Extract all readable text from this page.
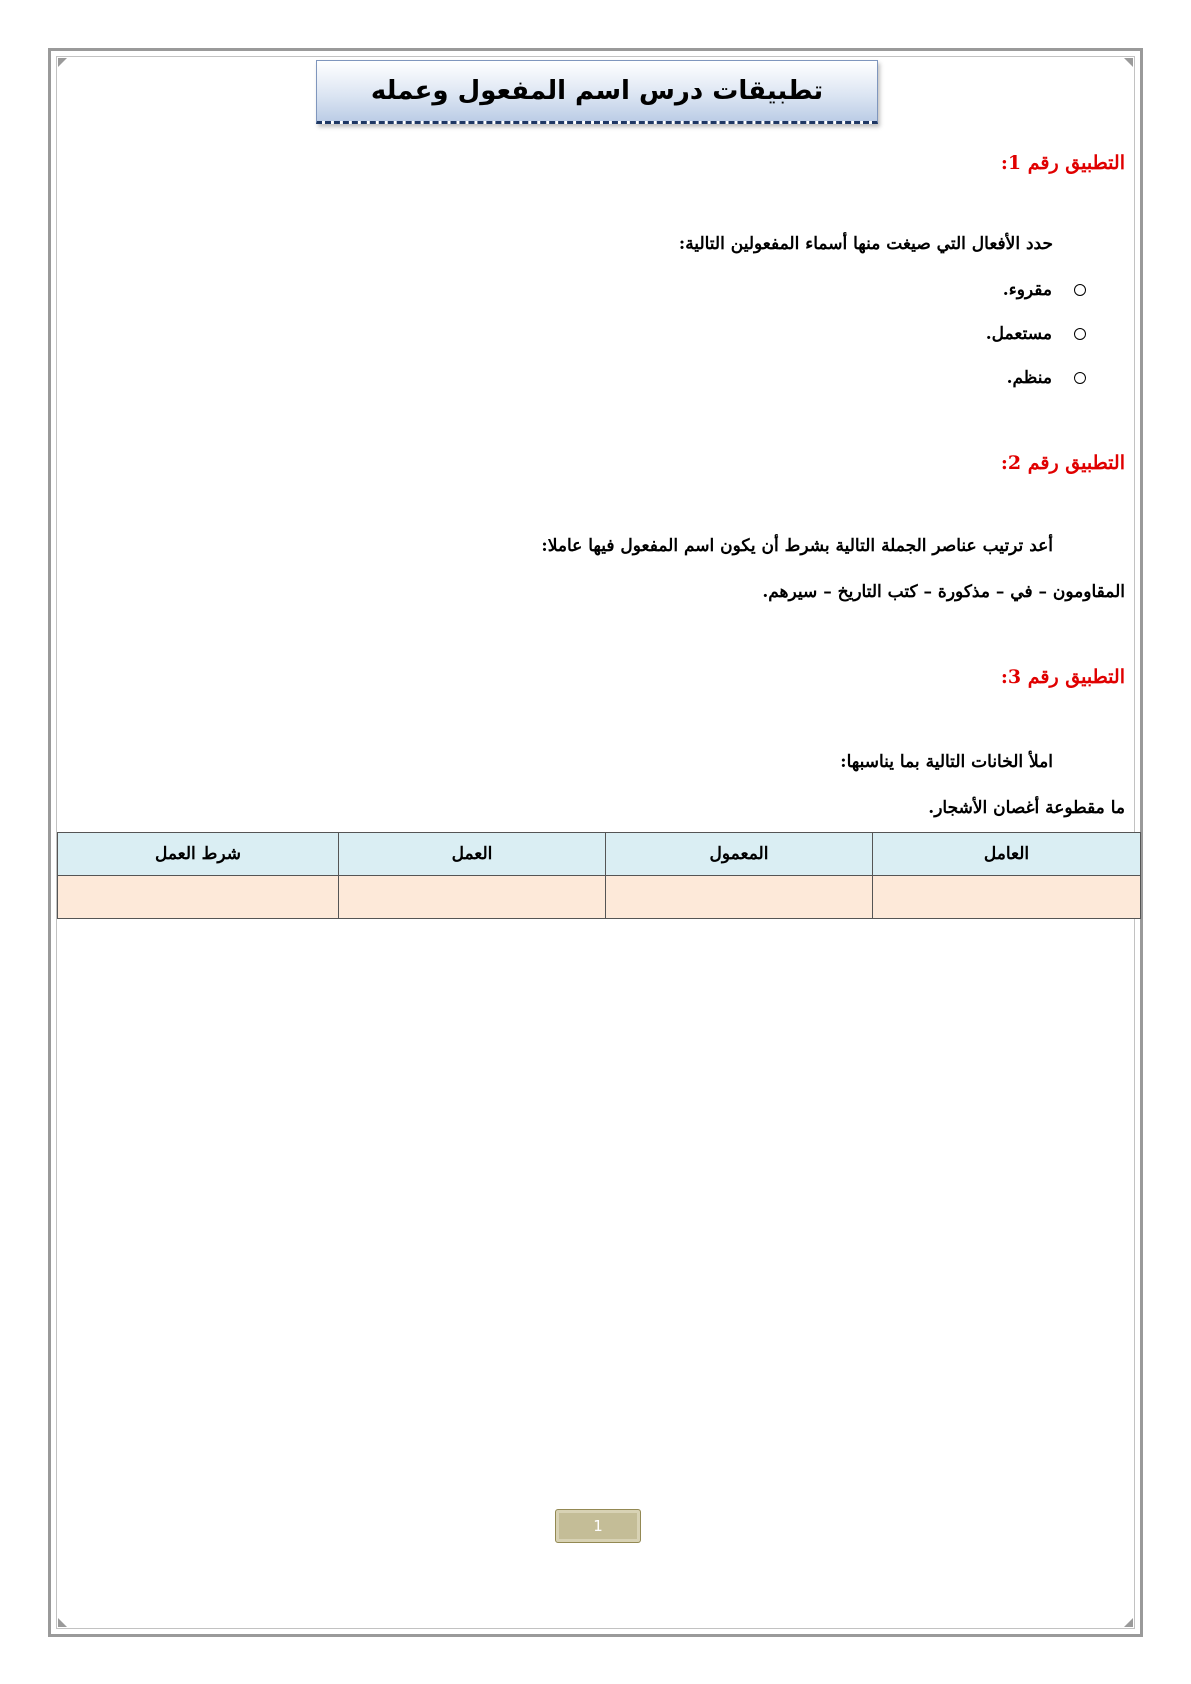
تطبيقات درس اسم المفعول وعمله
التطبيق رقم 1:
حدد الأفعال التي صيغت منها أسماء المفعولين التالية:
مقروء.
مستعمل.
منظم.
التطبيق رقم 2:
أعد ترتيب عناصر الجملة التالية بشرط أن يكون اسم المفعول فيها عاملا:
المقاومون – في – مذكورة – كتب التاريخ – سيرهم.
التطبيق رقم 3:
املأ الخانات التالية بما يناسبها:
ما مقطوعة أغصان الأشجار.
العامل	المعمول	العمل	شرط العمل

1
